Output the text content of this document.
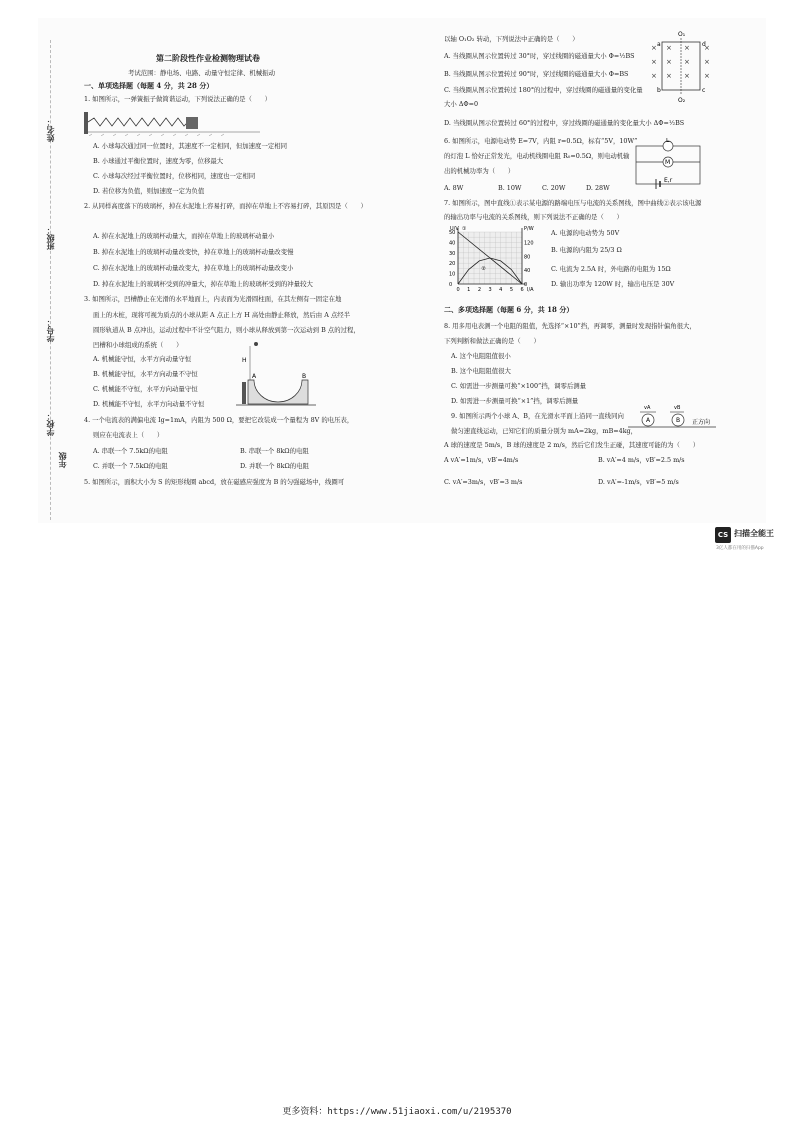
姓名：
班级：
学号：
学校：
年级
第二阶段性作业检测物理试卷
考试范围：静电场、电路、动量守恒定律、机械振动
一、单项选择题（每题 4 分，共 28 分）
1. 如图所示，一弹簧振子做简谐运动，下列说法正确的是（　　）
A. 小球每次通过同一位置时，其速度不一定相同，但加速度一定相同
B. 小球通过平衡位置时，速度为零，位移最大
C. 小球每次经过平衡位置时，位移相同，速度也一定相同
D. 若位移为负值，则加速度一定为负值
2. 从同样高度落下的玻璃杯，掉在水泥地上容易打碎，而掉在草地上不容易打碎，其原因是（　　）
A. 掉在水泥地上的玻璃杯动量大，而掉在草地上的玻璃杯动量小
B. 掉在水泥地上的玻璃杯动量改变快，掉在草地上的玻璃杯动量改变慢
C. 掉在水泥地上的玻璃杯动量改变大，掉在草地上的玻璃杯动量改变小
D. 掉在水泥地上的玻璃杯受到的冲量大，掉在草地上的玻璃杯受到的冲量较大
3. 如图所示，凹槽静止在光滑的水平地面上，内表面为光滑圆柱面，在其左侧有一固定在地
面上的木桩，现将可视为质点的小球从距 A 点正上方 H 高处由静止释放，然后由 A 点经半
圆形轨道从 B 点冲出，运动过程中不计空气阻力，则小球从释放到第一次运动到 B 点的过程，
凹槽和小球组成的系统（　　）
A. 机械能守恒，水平方向动量守恒
B. 机械能守恒，水平方向动量不守恒
C. 机械能不守恒，水平方向动量守恒
D. 机械能不守恒，水平方向动量不守恒
4. 一个电流表的满偏电流 Ig=1mA，内阻为 500 Ω，要把它改装成一个量程为 8V 的电压表，
则应在电流表上（　　）
A. 串联一个 7.5kΩ的电阻	B. 串联一个 8kΩ的电阻
C. 并联一个 7.5kΩ的电阻	D. 并联一个 8kΩ的电阻
5. 如图所示，面积大小为 S 的矩形线圈 abcd，放在磁感应强度为 B 的匀强磁场中，线圈可
H
A	B
以轴 O₁O₂ 转动，下列说法中正确的是（　　）
A. 当线圈从图示位置转过 30°时，穿过线圈的磁通量大小 Φ=½BS
B. 当线圈从图示位置转过 90°时，穿过线圈的磁通量大小 Φ=BS
C. 当线圈从图示位置转过 180°的过程中，穿过线圈的磁通量的变化量
大小 ΔΦ=0
D. 当线圈从图示位置转过 60°的过程中，穿过线圈的磁通量的变化量大小 ΔΦ=½BS
6. 如图所示，电源电动势 E=7V，内阻 r=0.5Ω，标有“5V，10W”
的灯泡 L 恰好正常发光，电动机线圈电阻 R₀=0.5Ω，则电动机输
出的机械功率为（　　）
A. 8W	B. 10W	C. 20W	D. 28W
7. 如图所示，图中直线①表示某电源的路端电压与电流的关系图线，图中曲线②表示该电源
的输出功率与电流的关系图线，则下列说法不正确的是（　　）
A. 电源的电动势为 50V
B. 电源的内阻为 25/3 Ω
C. 电流为 2.5A 时，外电路的电阻为 15Ω
D. 输出功率为 120W 时，输出电压是 30V
二、多项选择题（每题 6 分，共 18 分）
8. 用多用电表测一个电阻的阻值，先选择“×10”挡，再调零，测量时发现指针偏角很大，
下列判断和做法正确的是（　　）
A. 这个电阻阻值很小
B. 这个电阻阻值很大
C. 如需进一步测量可换“×100”挡，调零后测量
D. 如需进一步测量可换“×1”挡，调零后测量
9. 如图所示两个小球 A、B，在光滑水平面上沿同一直线同向
做匀速直线运动，已知它们的质量分别为 mA=2kg，mB=4kg，
A 球的速度是 5m/s，B 球的速度是 2 m/s，然后它们发生正碰，其速度可能的为（　　）
A vA′=1m/s，vB′=4m/s	B. vA′=4 m/s，vB′=2.5 m/s
C. vA′=3m/s，vB′=3 m/s	D. vA′=-1m/s，vB′=5 m/s
O₁
O₂
a
b	c
d
× × × ×
× × × ×
× × × ×
L
M
E,r
0 1 2 3 4 5 6
0
10
20
30
40
50
0
40
80
120
①
②
U/V	P/W
I/A
vA	vB
A	B 正方向
CS 扫描全能王
3亿人都在用的扫描App
更多资料：https://www.51jiaoxi.com/u/2195370
